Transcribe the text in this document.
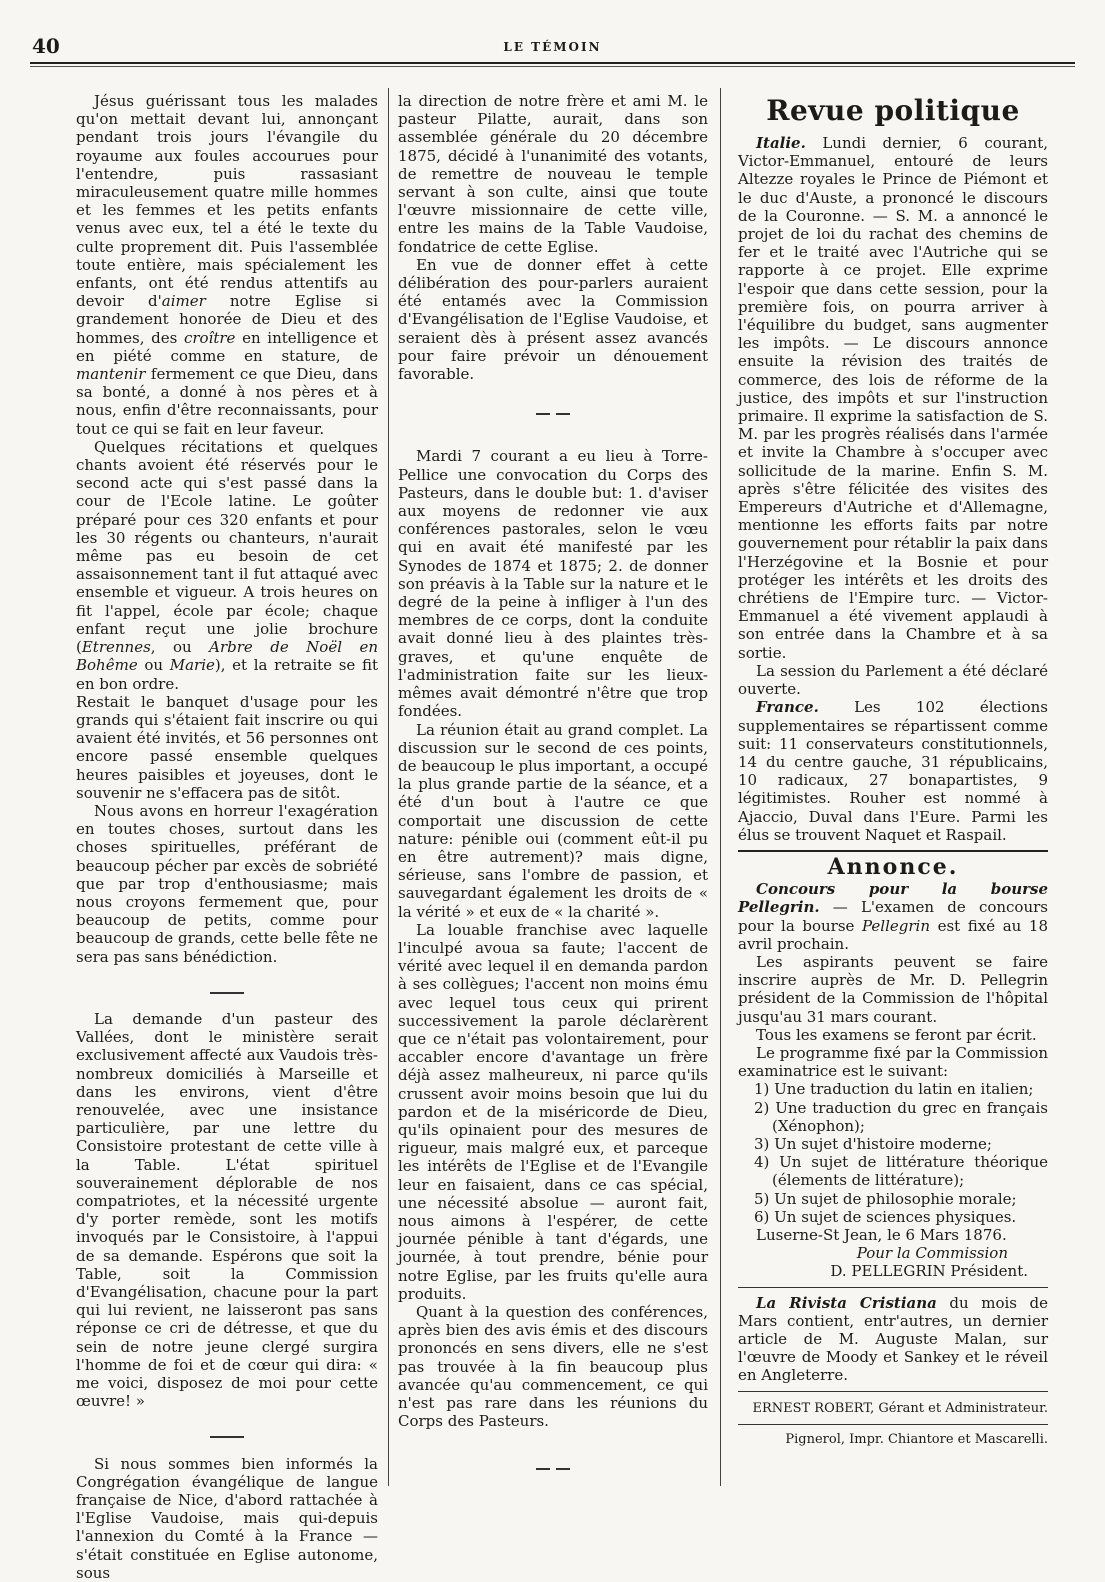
40	LE TÉMOIN

Jésus guérissant tous les malades qu'on mettait devant lui, annonçant pendant trois jours l'évangile du royaume aux foules accourues pour l'entendre, puis rassasiant miraculeusement quatre mille hommes et les femmes et les petits enfants venus avec eux, tel a été le texte du culte proprement dit. Puis l'assemblée toute entière, mais spécialement les enfants, ont été rendus attentifs au devoir d'aimer notre Eglise si grandement honorée de Dieu et des hommes, des croître en intelligence et en piété comme en stature, de mantenir fermement ce que Dieu, dans sa bonté, a donné à nos pères et à nous, enfin d'être reconnaissants, pour tout ce qui se fait en leur faveur.

Quelques récitations et quelques chants avoient été réservés pour le second acte qui s'est passé dans la cour de l'Ecole latine. Le goûter préparé pour ces 320 enfants et pour les 30 régents ou chanteurs, n'aurait même pas eu besoin de cet assaisonnement tant il fut attaqué avec ensemble et vigueur. A trois heures on fit l'appel, école par école; chaque enfant reçut une jolie brochure (Etrennes, ou Arbre de Noël en Bohême ou Marie), et la retraite se fit en bon ordre.

Restait le banquet d'usage pour les grands qui s'étaient fait inscrire ou qui avaient été invités, et 56 personnes ont encore passé ensemble quelques heures paisibles et joyeuses, dont le souvenir ne s'effacera pas de sitôt.

Nous avons en horreur l'exagération en toutes choses, surtout dans les choses spirituelles, préférant de beaucoup pécher par excès de sobriété que par trop d'enthousiasme; mais nous croyons fermement que, pour beaucoup de petits, comme pour beaucoup de grands, cette belle fête ne sera pas sans bénédiction.

La demande d'un pasteur des Vallées, dont le ministère serait exclusivement affecté aux Vaudois très-nombreux domiciliés à Marseille et dans les environs, vient d'être renouvelée, avec une insistance particulière, par une lettre du Consistoire protestant de cette ville à la Table. L'état spirituel souverainement déplorable de nos compatriotes, et la nécessité urgente d'y porter remède, sont les motifs invoqués par le Consistoire, à l'appui de sa demande. Espérons que soit la Table, soit la Commission d'Evangélisation, chacune pour la part qui lui revient, ne laisseront pas sans réponse ce cri de détresse, et que du sein de notre jeune clergé surgira l'homme de foi et de cœur qui dira: « me voici, disposez de moi pour cette œuvre! »

Si nous sommes bien informés la Congrégation évangélique de langue française de Nice, d'abord rattachée à l'Eglise Vaudoise, mais qui-depuis l'annexion du Comté à la France — s'était constituée en Eglise autonome, sous

la direction de notre frère et ami M. le pasteur Pilatte, aurait, dans son assemblée générale du 20 décembre 1875, décidé à l'unanimité des votants, de remettre de nouveau le temple servant à son culte, ainsi que toute l'œuvre missionnaire de cette ville, entre les mains de la Table Vaudoise, fondatrice de cette Eglise.

En vue de donner effet à cette délibération des pour-parlers auraient été entamés avec la Commission d'Evangélisation de l'Eglise Vaudoise, et seraient dès à présent assez avancés pour faire prévoir un dénouement favorable.

Mardi 7 courant a eu lieu à Torre-Pellice une convocation du Corps des Pasteurs, dans le double but: 1. d'aviser aux moyens de redonner vie aux conférences pastorales, selon le vœu qui en avait été manifesté par les Synodes de 1874 et 1875; 2. de donner son préavis à la Table sur la nature et le degré de la peine à infliger à l'un des membres de ce corps, dont la conduite avait donné lieu à des plaintes très-graves, et qu'une enquête de l'administration faite sur les lieux-mêmes avait démontré n'être que trop fondées.

La réunion était au grand complet. La discussion sur le second de ces points, de beaucoup le plus important, a occupé la plus grande partie de la séance, et a été d'un bout à l'autre ce que comportait une discussion de cette nature: pénible oui (comment eût-il pu en être autrement)? mais digne, sérieuse, sans l'ombre de passion, et sauvegardant également les droits de « la vérité » et eux de « la charité ».

La louable franchise avec laquelle l'inculpé avoua sa faute; l'accent de vérité avec lequel il en demanda pardon à ses collègues; l'accent non moins ému avec lequel tous ceux qui prirent successivement la parole déclarèrent que ce n'était pas volontairement, pour accabler encore d'avantage un frère déjà assez malheureux, ni parce qu'ils crussent avoir moins besoin que lui du pardon et de la miséricorde de Dieu, qu'ils opinaient pour des mesures de rigueur, mais malgré eux, et parceque les intérêts de l'Eglise et de l'Evangile leur en faisaient, dans ce cas spécial, une nécessité absolue — auront fait, nous aimons à l'espérer, de cette journée pénible à tant d'égards, une journée, à tout prendre, bénie pour notre Eglise, par les fruits qu'elle aura produits.

Quant à la question des conférences, après bien des avis émis et des discours prononcés en sens divers, elle ne s'est pas trouvée à la fin beaucoup plus avancée qu'au commencement, ce qui n'est pas rare dans les réunions du Corps des Pasteurs.

Revue politique

Italie. Lundi dernier, 6 courant, Victor-Emmanuel, entouré de leurs Altezze royales le Prince de Piémont et le duc d'Auste, a prononcé le discours de la Couronne. — S. M. a annoncé le projet de loi du rachat des chemins de fer et le traité avec l'Autriche qui se rapporte à ce projet. Elle exprime l'espoir que dans cette session, pour la première fois, on pourra arriver à l'équilibre du budget, sans augmenter les impôts. — Le discours annonce ensuite la révision des traités de commerce, des lois de réforme de la justice, des impôts et sur l'instruction primaire. Il exprime la satisfaction de S. M. par les progrès réalisés dans l'armée et invite la Chambre à s'occuper avec sollicitude de la marine. Enfin S. M. après s'être félicitée des visites des Empereurs d'Autriche et d'Allemagne, mentionne les efforts faits par notre gouvernement pour rétablir la paix dans l'Herzégovine et la Bosnie et pour protéger les intérêts et les droits des chrétiens de l'Empire turc. — Victor-Emmanuel a été vivement applaudi à son entrée dans la Chambre et à sa sortie.

La session du Parlement a été déclaré ouverte.

France. Les 102 élections supplementaires se répartissent comme suit: 11 conservateurs constitutionnels, 14 du centre gauche, 31 républicains, 10 radicaux, 27 bonapartistes, 9 légitimistes. Rouher est nommé à Ajaccio, Duval dans l'Eure. Parmi les élus se trouvent Naquet et Raspail.

Annonce.

Concours pour la bourse Pellegrin. — L'examen de concours pour la bourse Pellegrin est fixé au 18 avril prochain.

Les aspirants peuvent se faire inscrire auprès de Mr. D. Pellegrin président de la Commission de l'hôpital jusqu'au 31 mars courant.

Tous les examens se feront par écrit.

Le programme fixé par la Commission examinatrice est le suivant:

1) Une traduction du latin en italien;
2) Une traduction du grec en français (Xénophon);
3) Un sujet d'histoire moderne;
4) Un sujet de littérature théorique (élements de littérature);
5) Un sujet de philosophie morale;
6) Un sujet de sciences physiques.

Luserne-St Jean, le 6 Mars 1876.

Pour la Commission

D. PELLEGRIN Président.

La Rivista Cristiana du mois de Mars contient, entr'autres, un dernier article de M. Auguste Malan, sur l'œuvre de Moody et Sankey et le réveil en Angleterre.

ERNEST ROBERT, Gérant et Administrateur.
Pignerol, Impr. Chiantore et Mascarelli.
